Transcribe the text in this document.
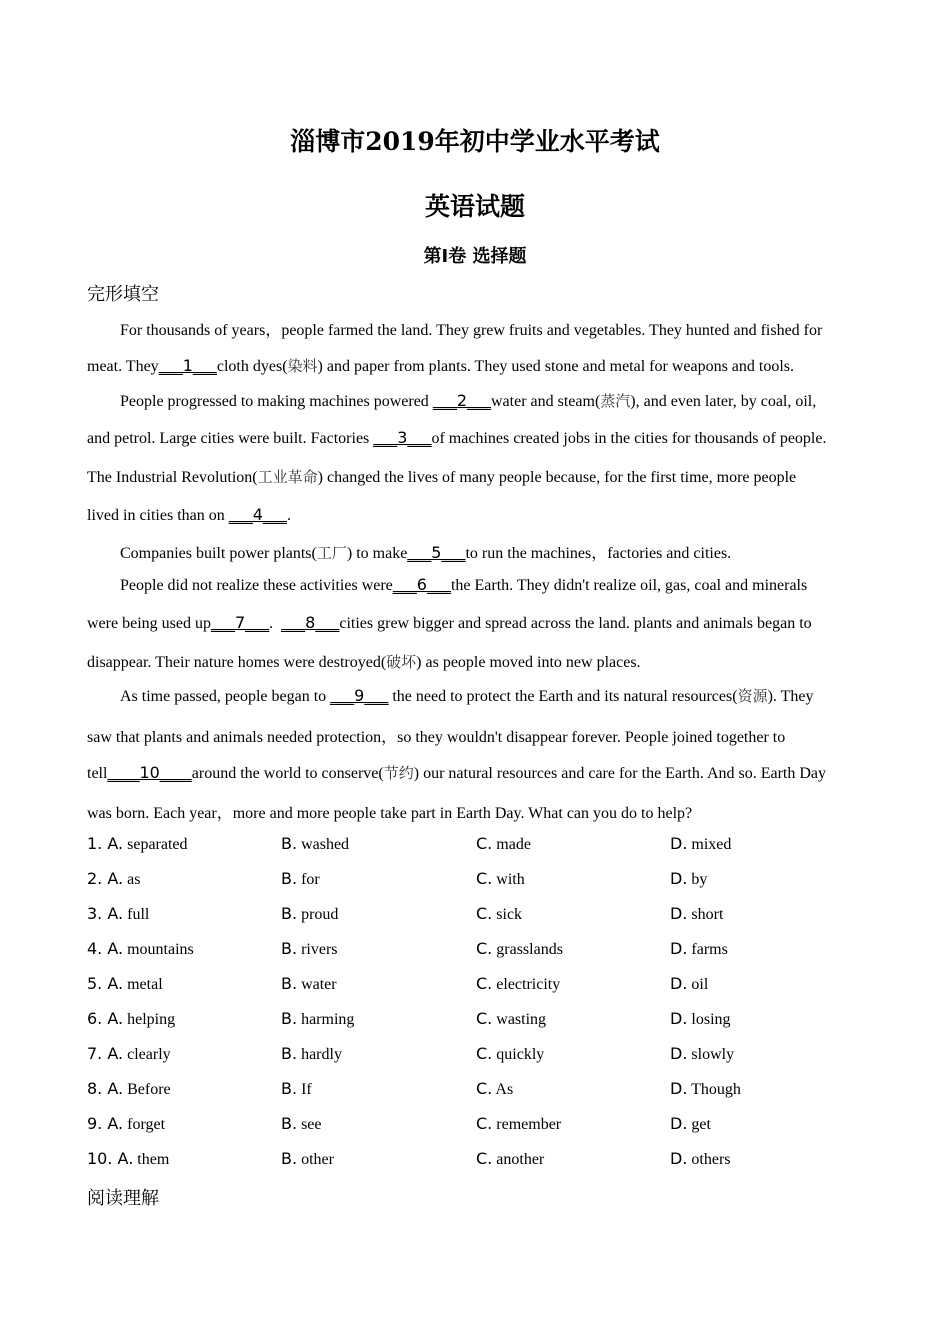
淄博市2019年初中学业水平考试
英语试题
第Ⅰ卷 选择题
完形填空
For thousands of years，people farmed the land. They grew fruits and vegetables. They hunted and fished for
meat. They___1___cloth dyes(染料) and paper from plants. They used stone and metal for weapons and tools.
People progressed to making machines powered ___2___water and steam(蒸汽), and even later, by coal, oil,
and petrol. Large cities were built. Factories ___3___of machines created jobs in the cities for thousands of people.
The Industrial Revolution(工业革命) changed the lives of many people because, for the first time, more people
lived in cities than on ___4___.
Companies built power plants(工厂) to make___5___to run the machines，factories and cities.
People did not realize these activities were___6___the Earth. They didn't realize oil, gas, coal and minerals
were being used up___7___.  ___8___cities grew bigger and spread across the land. plants and animals began to
disappear. Their nature homes were destroyed(破坏) as people moved into new places.
As time passed, people began to ___9___ the need to protect the Earth and its natural resources(资源). They
saw that plants and animals needed protection，so they wouldn't disappear forever. People joined together to
tell____10____around the world to conserve(节约) our natural resources and care for the Earth. And so. Earth Day
was born. Each year，more and more people take part in Earth Day. What can you do to help?
1. A. separated	B. washed	C. made	D. mixed
2. A. as	B. for	C. with	D. by
3. A. full	B. proud	C. sick	D. short
4. A. mountains	B. rivers	C. grasslands	D. farms
5. A. metal	B. water	C. electricity	D. oil
6. A. helping	B. harming	C. wasting	D. losing
7. A. clearly	B. hardly	C. quickly	D. slowly
8. A. Before	B. If	C. As	D. Though
9. A. forget	B. see	C. remember	D. get
10. A. them	B. other	C. another	D. others
阅读理解
